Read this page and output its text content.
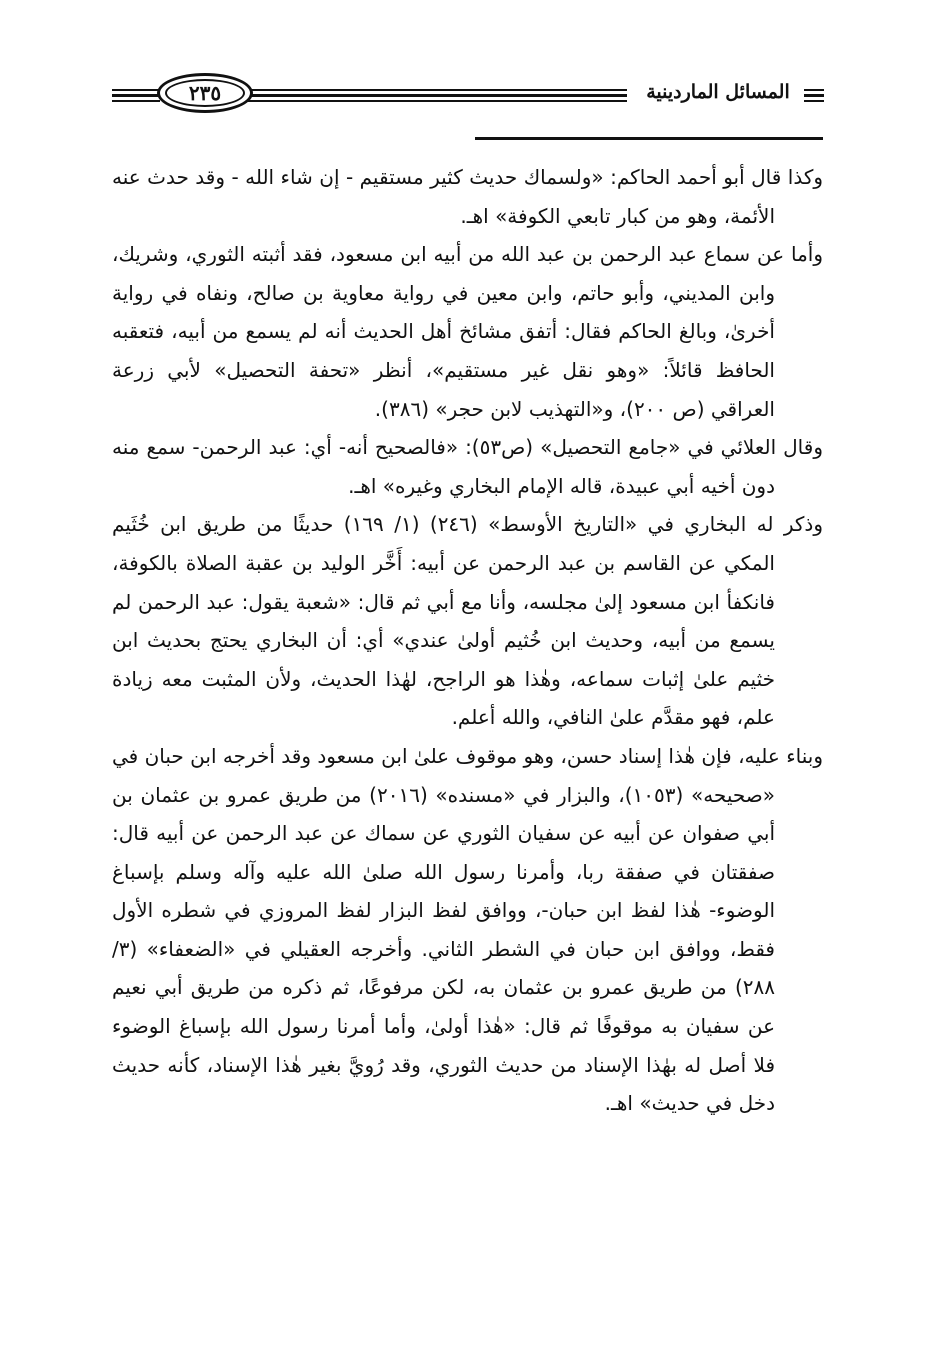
٢٣٥	المسائل الماردينية

وكذا قال أبو أحمد الحاكم: «ولسماك حديث كثير مستقيم - إن شاء الله - وقد حدث عنه الأئمة، وهو من كبار تابعي الكوفة» اهـ.

وأما عن سماع عبد الرحمن بن عبد الله من أبيه ابن مسعود، فقد أثبته الثوري، وشريك، وابن المديني، وأبو حاتم، وابن معين في رواية معاوية بن صالح، ونفاه في رواية أخرىٰ، وبالغ الحاكم فقال: أتفق مشائخ أهل الحديث أنه لم يسمع من أبيه، فتعقبه الحافظ قائلاً: «وهو نقل غير مستقيم»، أنظر «تحفة التحصيل» لأبي زرعة العراقي (ص ٢٠٠)، و«التهذيب لابن حجر» (٣٨٦).

وقال العلائي في «جامع التحصيل» (ص٥٣): «فالصحيح أنه- أي: عبد الرحمن- سمع منه دون أخيه أبي عبيدة، قاله الإمام البخاري وغيره» اهـ.

وذكر له البخاري في «التاريخ الأوسط» (٢٤٦) (١/ ١٦٩) حديثًا من طريق ابن خُثَيم المكي عن القاسم بن عبد الرحمن عن أبيه: أَخَّر الوليد بن عقبة الصلاة بالكوفة، فانكفأ ابن مسعود إلىٰ مجلسه، وأنا مع أبي ثم قال: «شعبة يقول: عبد الرحمن لم يسمع من أبيه، وحديث ابن خُثيم أولىٰ عندي» أي: أن البخاري يحتج بحديث ابن خثيم علىٰ إثبات سماعه، وهٰذا هو الراجح، لهٰذا الحديث، ولأن المثبت معه زيادة علم، فهو مقدَّم علىٰ النافي، والله أعلم.

وبناء عليه، فإن هٰذا إسناد حسن، وهو موقوف علىٰ ابن مسعود وقد أخرجه ابن حبان في «صحيحه» (١٠٥٣)، والبزار في «مسنده» (٢٠١٦) من طريق عمرو بن عثمان بن أبي صفوان عن أبيه عن سفيان الثوري عن سماك عن عبد الرحمن عن أبيه قال: صفقتان في صفقة ربا، وأمرنا رسول الله صلىٰ الله عليه وآله وسلم بإسباغ الوضوء- هٰذا لفظ ابن حبان-، ووافق لفظ البزار لفظ المروزي في شطره الأول فقط، ووافق ابن حبان في الشطر الثاني. وأخرجه العقيلي في «الضعفاء» (٣/ ٢٨٨) من طريق عمرو بن عثمان به، لكن مرفوعًا، ثم ذكره من طريق أبي نعيم عن سفيان به موقوفًا ثم قال: «هٰذا أولىٰ، وأما أمرنا رسول الله بإسباغ الوضوء فلا أصل له بهٰذا الإسناد من حديث الثوري، وقد رُويَّ بغير هٰذا الإسناد، كأنه حديث دخل في حديث» اهـ.
